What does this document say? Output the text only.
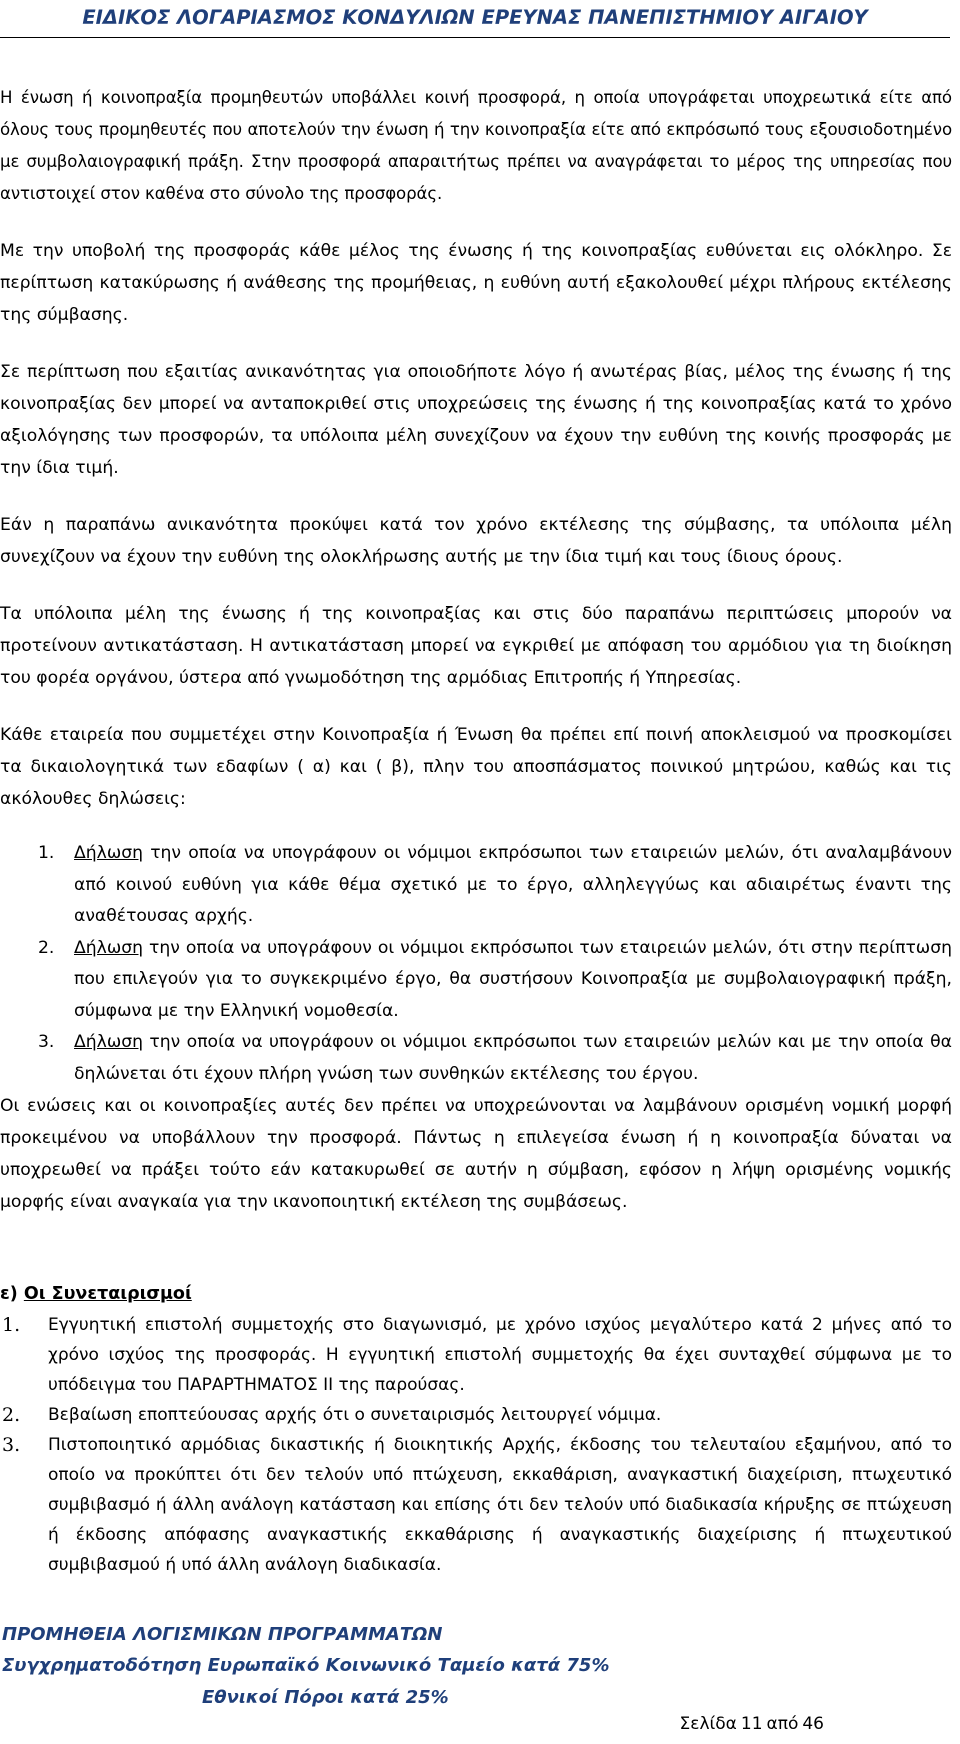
ΕΙΔΙΚΟΣ ΛΟΓΑΡΙΑΣΜΟΣ ΚΟΝΔΥΛΙΩΝ ΕΡΕΥΝΑΣ ΠΑΝΕΠΙΣΤΗΜΙΟΥ ΑΙΓΑΙΟΥ

Η ένωση ή κοινοπραξία προμηθευτών υποβάλλει κοινή προσφορά, η οποία υπογράφεται υποχρεωτικά είτε από όλους τους προμηθευτές που αποτελούν την ένωση ή την κοινοπραξία είτε από εκπρόσωπό τους εξουσιοδοτημένο με συμβολαιογραφική πράξη. Στην προσφορά απαραιτήτως πρέπει να αναγράφεται το μέρος της υπηρεσίας που αντιστοιχεί στον καθένα στο σύνολο της προσφοράς.

Με την υποβολή της προσφοράς κάθε μέλος της ένωσης ή της κοινοπραξίας ευθύνεται εις ολόκληρο. Σε περίπτωση κατακύρωσης ή ανάθεσης της προμήθειας, η ευθύνη αυτή εξακολουθεί μέχρι πλήρους εκτέλεσης της σύμβασης.

Σε περίπτωση που εξαιτίας ανικανότητας για οποιοδήποτε λόγο ή ανωτέρας βίας, μέλος της ένωσης ή της κοινοπραξίας δεν μπορεί να ανταποκριθεί στις υποχρεώσεις της ένωσης ή της κοινοπραξίας κατά το χρόνο αξιολόγησης των προσφορών, τα υπόλοιπα μέλη συνεχίζουν να έχουν την ευθύνη της κοινής προσφοράς με την ίδια τιμή.

Εάν η παραπάνω ανικανότητα προκύψει κατά τον χρόνο εκτέλεσης της σύμβασης, τα υπόλοιπα μέλη συνεχίζουν να έχουν την ευθύνη της ολοκλήρωσης αυτής με την ίδια τιμή και τους ίδιους όρους.

Τα υπόλοιπα μέλη της ένωσης ή της κοινοπραξίας και στις δύο παραπάνω περιπτώσεις μπορούν να προτείνουν αντικατάσταση. Η αντικατάσταση μπορεί να εγκριθεί με απόφαση του αρμόδιου για τη διοίκηση του φορέα οργάνου, ύστερα από γνωμοδότηση της αρμόδιας Επιτροπής ή Υπηρεσίας.

Κάθε εταιρεία που συμμετέχει στην Κοινοπραξία ή Ένωση θα πρέπει επί ποινή αποκλεισμού να προσκομίσει τα δικαιολογητικά των εδαφίων ( α) και ( β), πλην του αποσπάσματος ποινικού μητρώου, καθώς και τις ακόλουθες δηλώσεις:

1. Δήλωση την οποία να υπογράφουν οι νόμιμοι εκπρόσωποι των εταιρειών μελών, ότι αναλαμβάνουν από κοινού ευθύνη για κάθε θέμα σχετικό με το έργο, αλληλεγγύως και αδιαιρέτως έναντι της αναθέτουσας αρχής.
2. Δήλωση την οποία να υπογράφουν οι νόμιμοι εκπρόσωποι των εταιρειών μελών, ότι στην περίπτωση που επιλεγούν για το συγκεκριμένο έργο, θα συστήσουν Κοινοπραξία με συμβολαιογραφική πράξη, σύμφωνα με την Ελληνική νομοθεσία.
3. Δήλωση την οποία να υπογράφουν οι νόμιμοι εκπρόσωποι των εταιρειών μελών και με την οποία θα δηλώνεται ότι έχουν πλήρη γνώση των συνθηκών εκτέλεσης του έργου.

Οι ενώσεις και οι κοινοπραξίες αυτές δεν πρέπει να υποχρεώνονται να λαμβάνουν ορισμένη νομική μορφή προκειμένου να υποβάλλουν την προσφορά. Πάντως η επιλεγείσα ένωση ή η κοινοπραξία δύναται να υποχρεωθεί να πράξει τούτο εάν κατακυρωθεί σε αυτήν η σύμβαση, εφόσον η λήψη ορισμένης νομικής μορφής είναι αναγκαία για την ικανοποιητική εκτέλεση της συμβάσεως.

ε) Οι Συνεταιρισμοί
1. Εγγυητική επιστολή συμμετοχής στο διαγωνισμό, με χρόνο ισχύος μεγαλύτερο κατά 2 μήνες από το χρόνο ισχύος της προσφοράς. Η εγγυητική επιστολή συμμετοχής θα έχει συνταχθεί σύμφωνα με το υπόδειγμα του ΠΑΡΑΡΤΗΜΑΤΟΣ ΙΙ της παρούσας.
2. Βεβαίωση εποπτεύουσας αρχής ότι ο συνεταιρισμός λειτουργεί νόμιμα.
3. Πιστοποιητικό αρμόδιας δικαστικής ή διοικητικής Αρχής, έκδοσης του τελευταίου εξαμήνου, από το οποίο να προκύπτει ότι δεν τελούν υπό πτώχευση, εκκαθάριση, αναγκαστική διαχείριση, πτωχευτικό συμβιβασμό ή άλλη ανάλογη κατάσταση και επίσης ότι δεν τελούν υπό διαδικασία κήρυξης σε πτώχευση ή έκδοσης απόφασης αναγκαστικής εκκαθάρισης ή αναγκαστικής διαχείρισης ή πτωχευτικού συμβιβασμού ή υπό άλλη ανάλογη διαδικασία.
ΠΡΟΜΗΘΕΙΑ ΛΟΓΙΣΜΙΚΩΝ ΠΡΟΓΡΑΜΜΑΤΩΝ
Συγχρηματοδότηση Ευρωπαϊκό Κοινωνικό Ταμείο κατά 75%
Εθνικοί Πόροι κατά 25%
Σελίδα 11 από 46
